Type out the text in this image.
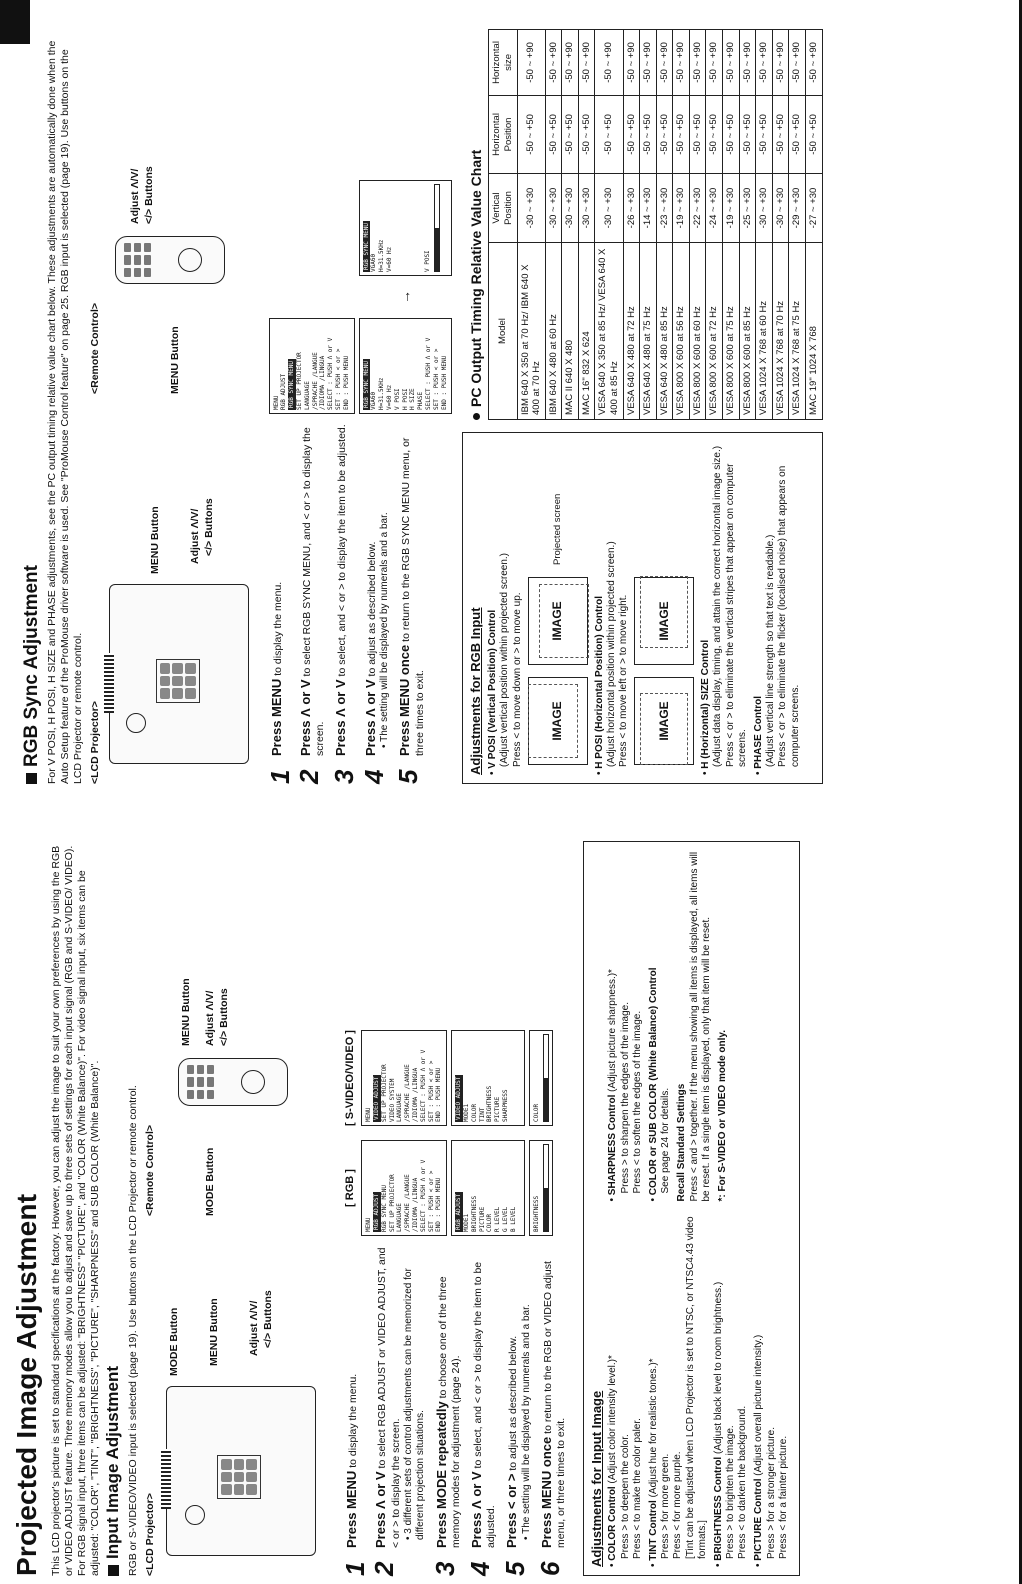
Projected Image Adjustment This LCD projector's picture is set to standard specifications at the factory. However, you can adjust the image to suit your own preferences by using the RGB or VIDEO ADJUST feature. Three memory modes allow you to adjust and save up to three sets of settings for each input signal (RGB and S-VIDEO/ VIDEO). For RGB signal input, three items can be adjusted: "BRIGHTNESS" "PICTURE", and "COLOR (White Balance)". For video signal input, six items can be adjusted: "COLOR", "TINT", "BRIGHTNESS", "PICTURE", "SHARPNESS" and SUB COLOR (White Balance)". Input Image Adjustment RGB or S-VIDEO/VIDEO input is selected (page 19). Use buttons on the LCD Projector or remote control. <LCD Projector>
MODE Button	MENU Button	Adjust Λ/V/ </> Buttons
<Remote Control>	MODE Button
MENU Button Adjust Λ/V/ </> Buttons
1
Press MENU to display the menu.
2
Press Λ or V to select RGB ADJUST or VIDEO ADJUST, and < or > to display the screen. • 3 different sets of control adjustments can be memorized for different projection situations.
3
Press MODE repeatedly to choose one of the three memory modes for adjustment (page 24).
4
Press Λ or V to select, and < or > to display the item to be adjusted.
5
Press < or > to adjust as described below. • The setting will be displayed by numerals and a bar.
6
Press MENU once to return to the RGB or VIDEO adjust menu, or three times to exit.
[ RGB ]
MENU RGB ADJUST RGB SYNC MENU SET UP PROJECTOR LANGUAGE /SPRACHE /LANGUE /IDIOMA /LINGUA SELECT : PUSH Λ or V SET : PUSH < or > END : PUSH MENU
[ S-VIDEO/VIDEO ] MENU VIDEO ADJUST SET UP PROJECTOR VIDEO SYSTEM LANGUAGE /SPRACHE /LANGUE /IDIOMA /LINGUA SELECT : PUSH Λ or V SET : PUSH < or > END : PUSH MENU
RGB ADJUST MODE1 BRIGHTNESS PICTURE COLOR R LEVEL G LEVEL B LEVEL
VIDEO ADJUST MODE1 COLOR TINT BRIGHTNESS PICTURE SHARPNESS
BRIGHTNESS
COLOR
Adjustments for Input Image • COLOR Control (Adjust color intensity level.)*
Press > to deepen the color. Press < to make the color paler.
• TINT Control (Adjust hue for realistic tones.)*
Press > for more green. Press < for more purple. [Tint can be adjusted when LCD Projector is set to NTSC, or NTSC4.43 video formats.]
• BRIGHTNESS Control (Adjust black level to room brightness.)
Press > to brighten the image. Press < to darken the background.
• PICTURE Control (Adjust overall picture intensity.)
Press > for a stronger picture. Press < for a fainter picture.
• SHARPNESS Control (Adjust picture sharpness.)* Press > to sharpen the edges of the image. Press < to soften the edges of the image.
• COLOR or SUB COLOR (White Balance) Control See page 24 for details. Recall Standard Settings Press < and > together. If the menu showing all items is displayed, all items will be reset. If a single item is displayed, only that item will be reset. *: For S-VIDEO or VIDEO mode only.
RGB Sync Adjustment For V POSI, H POSI, H SIZE and PHASE adjustments, see the PC output timing relative value chart below. These adjustments are automatically done when the Auto Setup feature of the ProMouse driver software is used. See "ProMouse Control feature" on page 25. RGB input is selected (page 19). Use buttons on the LCD Projector or remote control. <LCD Projector>
MENU Button	Adjust Λ/V/ </> Buttons
<Remote Control>	MENU Button
Adjust Λ/V/ </> Buttons
1
Press MENU to display the menu.
2
Press Λ or V to select RGB SYNC MENU, and < or > to display the screen.
3
Press Λ or V to select, and < or > to display the item to be adjusted.
4
Press Λ or V to adjust as described below. • The setting will be displayed by numerals and a bar.
5
Press MENU once to return to the RGB SYNC MENU menu, or three times to exit.
MENU RGB ADJUST RGB SYNC MENU SET UP PROJECTOR LANGUAGE /SPRACHE /LANGUE /IDIOMA /LINGUA SELECT : PUSH Λ or V SET : PUSH < or > END : PUSH MENU RGB SYNC MENU VGA60 H=31.5KHz V=60 Hz V POSI H POSI H SIZE PHASE SELECT : PUSH Λ or V SET : PUSH < or > END : PUSH MENU
→
RGB SYNC MENU VGA60 H=31.5KHz V=60 Hz	V POSI
Adjustments for RGB Input • V POSI (Vertical Position) Control (Adjust vertical position within projected screen.) Press < to move down or > to move up. IMAGE
IMAGE
Projected screen
• H POSI (Horizontal Position) Control (Adjust horizontal position within projected screen.) Press < to move left or > to move right. IMAGE
IMAGE
• H (Horizontal) SIZE Control (Adjust data display, timing, and attain the correct horizontal image size.) Press < or > to eliminate the vertical stripes that appear on computer screens.
• PHASE Control (Adjust vertical line strength so that text is readable.) Press < or > to eliminate the flicker (localised noise) that appears on computer screens.
PC Output Timing Relative Value Chart Model	Vertical Position	Horizontal Position	Horizontal size
IBM 640 X 350 at 70 Hz/ IBM 640 X 400 at 70 Hz	-30 ~ +30	-50 ~ +50	-50 ~ +90
IBM 640 X 480 at 60 Hz	-30 ~ +30	-50 ~ +50	-50 ~ +90
MAC II 640 X 480	-30 ~ +30	-50 ~ +50	-50 ~ +90
MAC 16" 832 X 624	-30 ~ +30	-50 ~ +50	-50 ~ +90
VESA 640 X 350 at 85 Hz/ VESA 640 X 400 at 85 Hz	-30 ~ +30	-50 ~ +50	-50 ~ +90
VESA 640 X 480 at 72 Hz	-26 ~ +30	-50 ~ +50	-50 ~ +90
VESA 640 X 480 at 75 Hz	-14 ~ +30	-50 ~ +50	-50 ~ +90
VESA 640 X 480 at 85 Hz	-23 ~ +30	-50 ~ +50	-50 ~ +90
VESA 800 X 600 at 56 Hz	-19 ~ +30	-50 ~ +50	-50 ~ +90
VESA 800 X 600 at 60 Hz	-22 ~ +30	-50 ~ +50	-50 ~ +90
VESA 800 X 600 at 72 Hz	-24 ~ +30	-50 ~ +50	-50 ~ +90
VESA 800 X 600 at 75 Hz	-19 ~ +30	-50 ~ +50	-50 ~ +90
VESA 800 X 600 at 85 Hz	-25 ~ +30	-50 ~ +50	-50 ~ +90
VESA 1024 X 768 at 60 Hz	-30 ~ +30	-50 ~ +50	-50 ~ +90
VESA 1024 X 768 at 70 Hz	-30 ~ +30	-50 ~ +50	-50 ~ +90
VESA 1024 X 768 at 75 Hz	-29 ~ +30	-50 ~ +50	-50 ~ +90
MAC 19" 1024 X 768	-27 ~ +30	-50 ~ +50	-50 ~ +90
